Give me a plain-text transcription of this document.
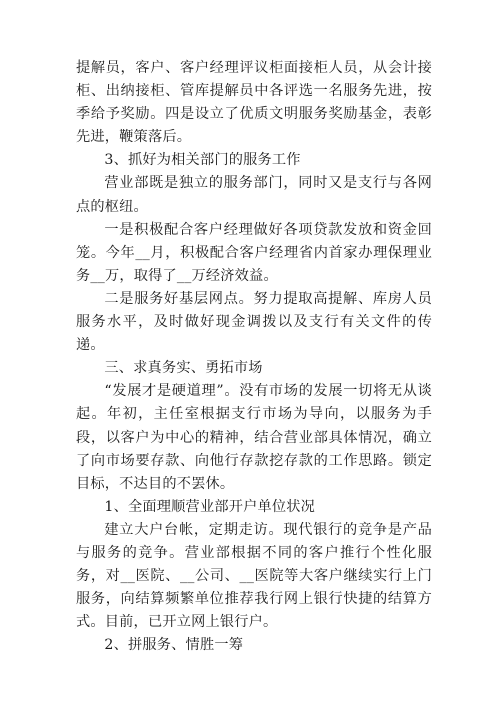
提解员，客户、客户经理评议柜面接柜人员，从会计接柜、出纳接柜、管库提解员中各评选一名服务先进，按季给予奖励。四是设立了优质文明服务奖励基金，表彰先进，鞭策落后。

3、抓好为相关部门的服务工作

营业部既是独立的服务部门，同时又是支行与各网点的枢纽。

一是积极配合客户经理做好各项贷款发放和资金回笼。今年__月，积极配合客户经理省内首家办理保理业务__万，取得了__万经济效益。

二是服务好基层网点。努力提取高提解、库房人员服务水平，及时做好现金调拨以及支行有关文件的传递。

三、求真务实、勇拓市场

“发展才是硬道理”。没有市场的发展一切将无从谈起。年初，主任室根据支行市场为导向，以服务为手段，以客户为中心的精神，结合营业部具体情况，确立了向市场要存款、向他行存款挖存款的工作思路。锁定目标，不达目的不罢休。

1、全面理顺营业部开户单位状况

建立大户台帐，定期走访。现代银行的竞争是产品与服务的竞争。营业部根据不同的客户推行个性化服务，对__医院、__公司、__医院等大客户继续实行上门服务，向结算频繁单位推荐我行网上银行快捷的结算方式。目前，已开立网上银行户。

2、拼服务、情胜一筹
